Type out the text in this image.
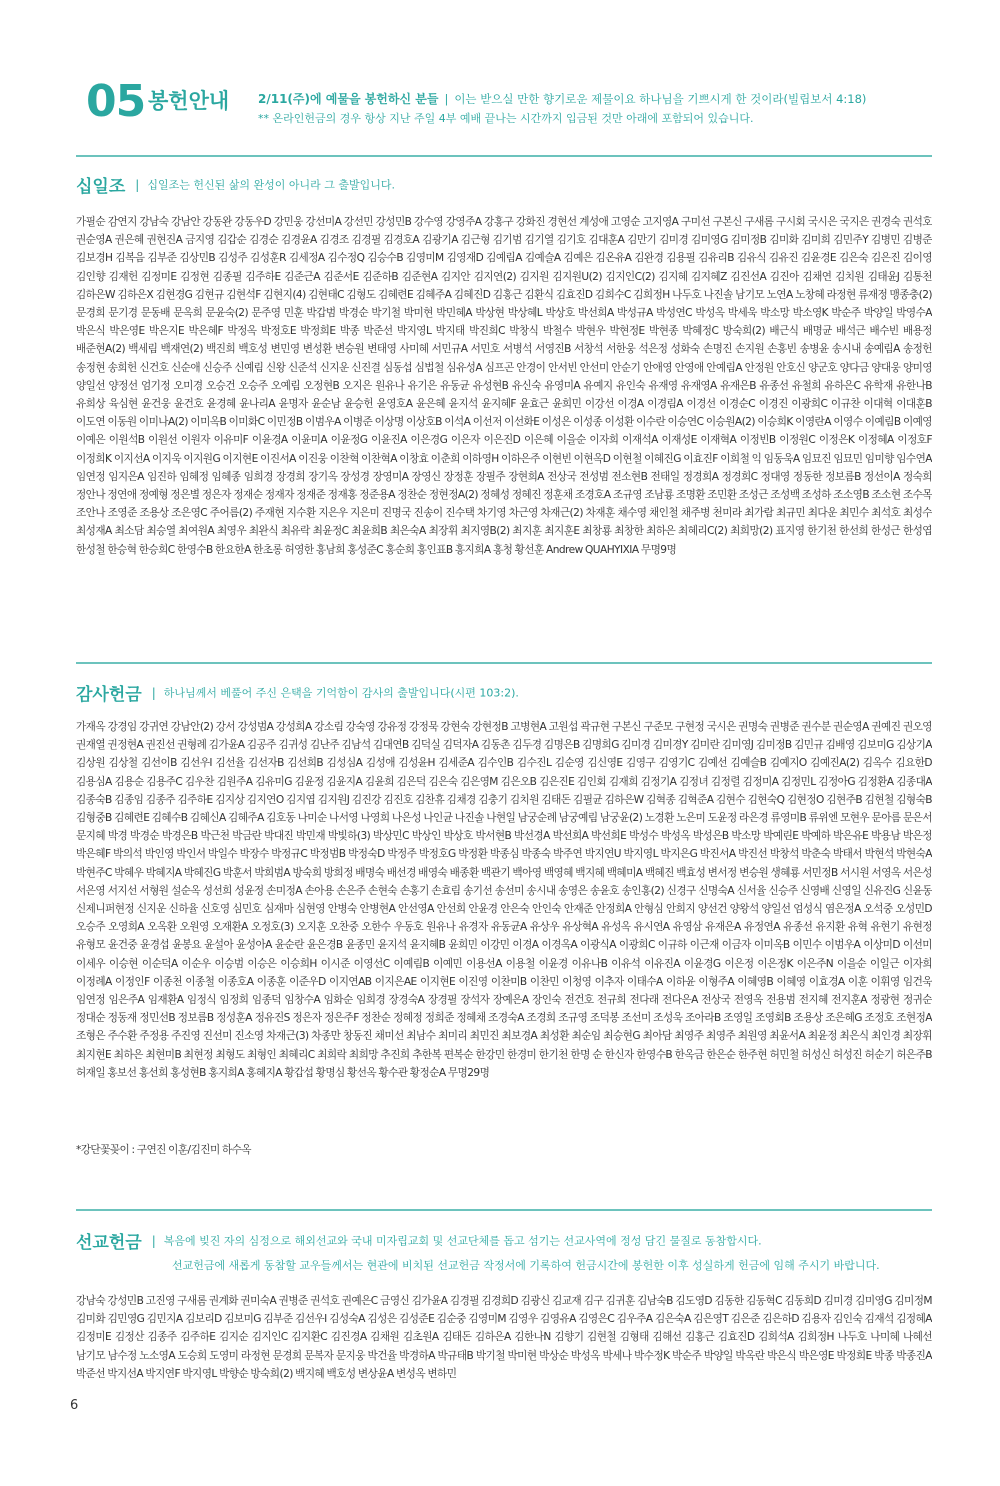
05 봉헌안내 2/11(주)에 예물을 봉헌하신 분들 | 이는 받으실 만한 향기로운 제물이요 하나님을 기쁘시게 한 것이라(빌립보서 4:18)
** 온라인헌금의 경우 항상 지난 주일 4부 예배 끝나는 시간까지 입금된 것만 아래에 포함되어 있습니다.
십일조 | 십일조는 헌신된 삶의 완성이 아니라 그 출발입니다.
가필순 감연지 강남숙 강남안 강동완 강동우D 강민웅 강선미A 강선민 강성민B 강수영 강영주A 강홍구 강화진 경현선 계성애 고영순 고지영A 구미선 구본신 구새롬 구시회 국시은 국지은 권경숙 권석호 권순영A 권은혜 권현진A 금지영 김갑순 김경순 김경윤A 김경조 김경필 김경호A 김광기A 김근형 김기범 김기열 김기호 김대훈A 김만기 김미경 김미영G 김미정B 김미화 김미희 김민주Y 김병민 김병준 김보경H 김복음 김부준 김상민B 김성주 김성훈R 김세정A 김수정Q 김승수B 김영미M 김영재D 김예림A 김예슬A 김예은 김온유A 김완경 김용필 김유리B 김유식 김유진 김윤경E 김은숙 김은진 김이영 김인향 김재헌 김정미E 김정현 김종필 김주하E 김준근A 김준서E 김준하B 김준현A 김지안 김지연(2) 김지원 김지원U(2) 김지인C(2) 김지혜 김지혜Z 김진선A 김진아 김채연 김치원 김태윤J 김통천 김하은W 김하은X 김현경G 김현규 김현석F 김현지(4) 김현태C 김형도 김혜련E 김혜주A 김혜진D 김홍근 김환식 김효진D 김희수C 김희정H 나두호 나진솔 남기모 노연A 노창혜 라정현 류재정 맹종충(2) 문경희 문기경 문동배 문옥희 문윤숙(2) 문주영 민훈 박갑범 박경순 박기철 박미현 박민혜A 박상현 박상혜L 박상호 박선희A 박성규A 박성연C 박성옥 박세욱 박소망 박소영K 박순주 박양일 박영수A 박은식 박은영E 박은지E 박은혜F 박정옥 박정호E 박정희E 박종 박준선 박지영L 박지태 박진희C 박창식 박철수 박현우 박현정E 박현종 박혜정C 방숙희(2) 배근식 배명균 배석근 배수빈 배용정 배준현A(2) 백세림 백재연(2) 백진희 백호성 변민영 변성환 변승원 변태영 사미혜 서민규A 서민호 서병석 서영진B 서창석 서한웅 석은정 성화숙 손명진 손지원 손홍빈 송병윤 송시내 송예림A 송정헌 송정현 송희헌 신건호 신순애 신승주 신예림 신왕 신준석 신지운 신진결 심동섭 심법철 심유성A 심프곤 안경이 안서빈 안선미 안순기 안애영 안영애 안예림A 안정원 안호신 양군호 양다금 양대웅 양미영 양일선 양정선 엄기정 오미경 오승건 오승주 오예림 오정현B 오지은 원유나 유기은 유동균 유성현B 유신숙 유영미A 유예지 유인숙 유재영 유재영A 유재은B 유종선 유철희 유하은C 유학재 유한나B 유희상 육심현 윤건웅 윤건호 윤경혜 윤나리A 윤명자 윤순남 윤승헌 윤영호A 윤은혜 윤지석 윤지혜F 윤효근 윤희민 이강선 이경A 이경림A 이경선 이경순C 이경진 이광희C 이규찬 이대혁 이대훈B 이도연 이동원 이미나A(2) 이미옥B 이미화C 이민정B 이범우A 이병준 이상명 이상호B 이석A 이선저 이선화E 이성은 이성종 이성환 이수란 이승연C 이승원A(2) 이승희K 이영란A 이영수 이예림B 이예영 이예은 이원석B 이원선 이원자 이유미F 이윤경A 이윤미A 이윤정G 이윤진A 이은경G 이은자 이은진D 이은혜 이을순 이자희 이재석A 이재성E 이재혁A 이정빈B 이정원C 이정은K 이정혜A 이정호F 이정희K 이지선A 이지욱 이지원G 이지현E 이진서A 이진웅 이찬혁 이찬혁A 이창효 이춘희 이하영H 이하은주 이현빈 이현옥D 이현철 이혜진G 이효진F 이희철 익 임동욱A 임묘진 임묘민 임미향 임수연A 임연정 임지은A 임진하 임혜정 임혜종 임희경 장경희 장기옥 장성경 장영미A 장영신 장정훈 장필주 장현희A 전상국 전성범 전소현B 전태일 정경희A 정경희C 정대영 정동한 정보름B 정선이A 정숙희 정안나 정연애 정예형 정은별 정은자 정재순 정재자 정재준 정재홍 정준용A 정찬순 정현정A(2) 정혜성 정혜진 정훈채 조경호A 조규영 조남룡 조명환 조민환 조성근 조성백 조성하 조소영B 조소현 조수목 조안나 조영준 조용상 조은영C 주어름(2) 주재현 지수환 지은우 지은미 진명국 진송이 진수택 차기영 차근영 차재근(2) 차재훈 채수영 채인철 채주병 천미라 최가람 최규민 최다운 최민수 최석호 최성수 최성재A 최소담 최승열 최여원A 최영우 최완식 최유락 최윤정C 최윤희B 최은숙A 최장휘 최지영B(2) 최지훈 최지훈E 최창룡 최창한 최하은 최혜리C(2) 최희망(2) 표지영 한기천 한선희 한성근 한성엽 한성철 한승혁 한승희C 한영수B 한요한A 한초롱 허영한 홍남희 홍성준C 홍순희 홍인표B 홍지희A 홍청 황선훈 Andrew QUAHYIXIA 무명9명
감사헌금 | 하나님께서 베풀어 주신 은택을 기억함이 감사의 출발입니다(시편 103:2).
가재옥 강경임 강귀연 강남안(2) 강서 강성범A 강성희A 강소림 강숙영 강유정 강정묵 강현숙 강현정B 고병현A 고원섭 곽규현 구본신 구준모 구현정 국시은 권명숙 권병준 권수분 권순영A 권예진 권오영 권재열 권정현A 권진선 권형례 김가윤A 김공주 김귀성 김난주 김남석 김대연B 김덕실 김덕자A 김동촌 김두경 김명은B 김명희G 김미경 김미경Y 김미란 김미영J 김미정B 김민규 김배영 김보미G 김상기A 김상원 김상철 김선이B 김선우I 김선율 김선자B 김선희B 김성심A 김성애 김성윤H 김세준A 김수인B 김수진L 김순영 김신영E 김영구 김영기C 김예선 김예슬B 김예지O 김예진A(2) 김옥수 김요한D 김용심A 김용순 김용주C 김우찬 김원주A 김유미G 김윤정 김윤지A 김윤희 김은덕 김은숙 김은영M 김은오B 김은진E 김인회 김재희 김정기A 김정녀 김정렬 김정미A 김정민L 김정아G 김정환A 김종대A 김종숙B 김종임 김종주 김주하E 김지상 김지연O 김지엽 김지원J 김진강 김진호 김찬휴 김채경 김충기 김치원 김태돈 김필균 김하은W 김혁종 김혁준A 김현수 김현숙Q 김현정O 김현주B 김현철 김형숙B 김형중B 김혜련E 김혜수B 김혜신A 김혜주A 김호동 나미순 나서영 나영희 나은성 나인균 나진솔 나현일 남궁순례 남궁예림 남궁윤(2) 노경환 노은미 도윤정 라은경 류영미B 류위엔 모현우 문아름 문은서 문지혜 박경 박경순 박경은B 박근천 박금란 박대진 박민재 박빛하(3) 박상민C 박상인 박상호 박서현B 박선경A 박선희A 박선희E 박성수 박성옥 박성은B 박소망 박예린E 박예하 박은유E 박용남 박은정 박은혜F 박의석 박인영 박인서 박일수 박장수 박정규C 박정범B 박정숙D 박정주 박정호G 박정환 박종심 박종숙 박주연 박지연U 박지영L 박지은G 박진서A 박진선 박창석 박춘숙 박태서 박현석 박현숙A 박현주C 박혜우 박혜지A 박혜진G 박훈서 박희범A 방숙희 방희정 배명숙 배선경 배영숙 배종환 백관기 백아영 백영혜 백지혜 백혜미A 백혜진 백효성 변서정 변승원 생혜룡 서민정B 서시원 서영옥 서은성 서은영 서지선 서형원 설순옥 성선희 성윤정 손미정A 손아용 손은주 손현숙 손홍기 손효림 송기선 송선미 송시내 송영은 송윤호 송인홍(2) 신경구 신명숙A 신서율 신승주 신영배 신영일 신유진G 신윤동 신제니퍼현정 신지운 신하율 신호영 심민호 심재마 심현영 안병숙 안병현A 안선영A 안선희 안윤경 안은숙 안인숙 안재준 안정희A 안형심 안희지 양선건 양왕석 양일선 엄성식 염은정A 오석중 오성민D 오승주 오영희A 오옥환 오원영 오재환A 오정호(3) 오지훈 오찬중 오한수 우동호 원유나 유경자 유동균A 유상우 유상혁A 유성옥 유시연A 유영삼 유재은A 유정연A 유종선 유지환 유혁 유현기 유현정 유형모 윤건중 윤경섭 윤봉요 윤설아 윤성아A 윤순란 윤은경B 윤종민 윤지석 윤지혜B 윤희민 이강민 이경A 이경옥A 이광식A 이광희C 이규하 이근재 이금자 이미옥B 이민수 이범우A 이상미D 이선미 이세우 이승현 이순덕A 이순우 이승범 이승은 이승희H 이시준 이영선C 이예림B 이예민 이용선A 이용철 이윤경 이유나B 이유석 이유진A 이윤경G 이은정 이은정K 이은주N 이을순 이일근 이자희 이정례A 이정인F 이종천 이종철 이종호A 이종훈 이준우D 이지연AB 이지은AE 이지현E 이진영 이찬미B 이찬민 이청영 이추자 이태수A 이하윤 이형주A 이혜영B 이혜영 이효경A 이훈 이휘영 임건욱 임연정 임은주A 임재환A 임정식 임정희 임종덕 임창수A 임화순 임희경 장경숙A 장경필 장석자 장예은A 장인숙 전건호 전규희 전다래 전다은A 전상국 전영옥 전용범 전지혜 전지훈A 정광현 정귀순 정대순 정동재 정민선B 정보름B 정성훈A 정유진S 정은자 정은주F 정찬순 정혜정 정희준 정혜채 조경숙A 조경희 조규영 조덕봉 조선미 조성욱 조아라B 조영일 조영회B 조용상 조은혜G 조정호 조현정A 조형은 주수환 주정용 주진영 진선미 진소영 차재근(3) 차종만 창동진 채미선 최남수 최미리 최민진 최보경A 최성환 최순임 최승현G 최아담 최영주 최영주 최원영 최윤서A 최윤정 최은식 최인경 최장휘 최지현E 최하은 최현미B 최현정 최형도 최형인 최혜리C 최희락 최희망 추진희 추한복 편복순 한강민 한경미 한기천 한명 순 한신자 한영수B 한옥금 한은순 한주현 허민철 허성신 허성진 허순기 허은주B 허재일 홍보선 홍선희 홍성현B 홍지희A 홍혜지A 황갑섭 황명심 황선옥 황수관 황정순A 무명29명
*강단꽃꽂이 : 구연진 이훈/김진미 하수옥
선교헌금 | 복음에 빚진 자의 심정으로 해외선교와 국내 미자립교회 및 선교단체를 돕고 섬기는 선교사역에 정성 담긴 물질로 동참합시다.
선교헌금에 새롭게 동참할 교우들께서는 현관에 비치된 선교헌금 작정서에 기록하여 헌금시간에 봉헌한 이후 성실하게 헌금에 임해 주시기 바랍니다.
강남숙 강성민B 고진영 구새롬 권계화 권미숙A 권병준 권석호 권예은C 금영신 김가윤A 김경필 김경희D 김광신 김교재 김구 김귀훈 김남숙B 김도영D 김동한 김동혁C 김동희D 김미경 김미영G 김미정M 김미화 김민영G 김민지A 김보리D 김보미G 김부준 김선우I 김성숙A 김성은 김성준E 김순중 김영미M 김영우 김영유A 김영은C 김우주A 김은숙A 김은영T 김은준 김은하D 김용자 김인숙 김재석 김정혜A 김정미E 김정산 김종주 김주하E 김지순 김지인C 김지환C 김진경A 김채원 김초원A 김태돈 김하은A 김한나N 김향기 김현철 김형태 김해선 김홍근 김효진D 김희석A 김희정H 나두호 나미혜 나혜선 남기모 남수정 노소영A 도승희 도영미 라정현 문경희 문복자 문지웅 박건율 박경하A 박규태B 박기철 박미현 박상순 박성옥 박세나 박수정K 박순주 박양일 박옥란 박은식 박은영E 박정희E 박종 박종진A 박준선 박지선A 박지연F 박지영L 박향순 방숙희(2) 백지혜 백호성 변상윤A 변성옥 변하민
6
